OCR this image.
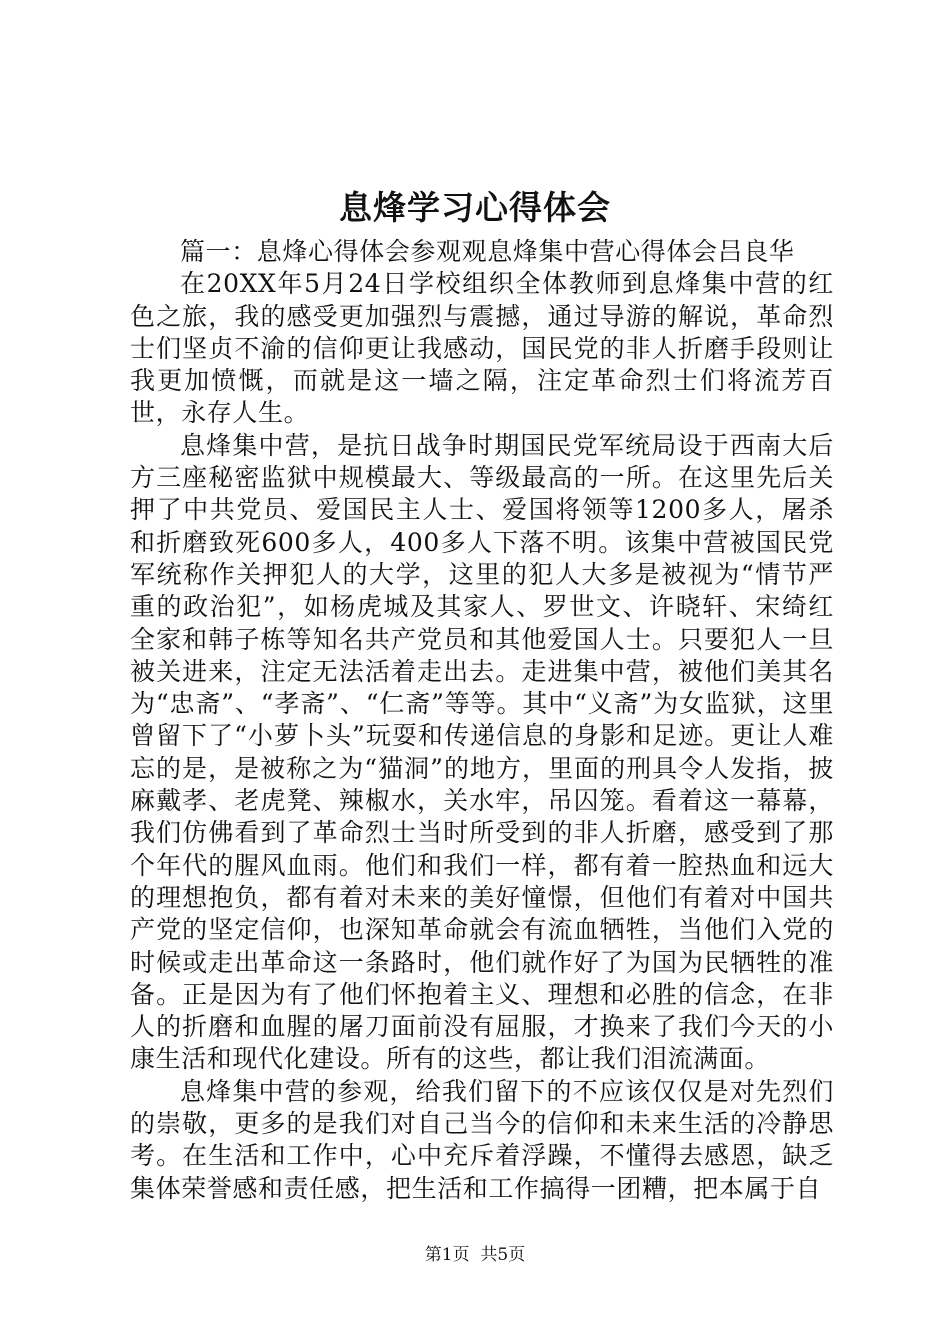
息烽学习心得体会

篇一：息烽心得体会参观观息烽集中营心得体会吕良华

在20XX年5月24日学校组织全体教师到息烽集中营的红色之旅，我的感受更加强烈与震撼，通过导游的解说，革命烈士们坚贞不渝的信仰更让我感动，国民党的非人折磨手段则让我更加愤慨，而就是这一墙之隔，注定革命烈士们将流芳百世，永存人生。

息烽集中营，是抗日战争时期国民党军统局设于西南大后方三座秘密监狱中规模最大、等级最高的一所。在这里先后关押了中共党员、爱国民主人士、爱国将领等1200多人，屠杀和折磨致死600多人，400多人下落不明。该集中营被国民党军统称作关押犯人的大学，这里的犯人大多是被视为“情节严重的政治犯”，如杨虎城及其家人、罗世文、许晓轩、宋绮红全家和韩子栋等知名共产党员和其他爱国人士。只要犯人一旦被关进来，注定无法活着走出去。走进集中营，被他们美其名为“忠斋”、“孝斋”、“仁斋”等等。其中“义斋”为女监狱，这里曾留下了“小萝卜头”玩耍和传递信息的身影和足迹。更让人难忘的是，是被称之为“猫洞”的地方，里面的刑具令人发指，披麻戴孝、老虎凳、辣椒水，关水牢，吊囚笼。看着这一幕幕，我们仿佛看到了革命烈士当时所受到的非人折磨，感受到了那个年代的腥风血雨。他们和我们一样，都有着一腔热血和远大的理想抱负，都有着对未来的美好憧憬，但他们有着对中国共产党的坚定信仰，也深知革命就会有流血牺牲，当他们入党的时候或走出革命这一条路时，他们就作好了为国为民牺牲的准备。正是因为有了他们怀抱着主义、理想和必胜的信念，在非人的折磨和血腥的屠刀面前没有屈服，才换来了我们今天的小康生活和现代化建设。所有的这些，都让我们泪流满面。

息烽集中营的参观，给我们留下的不应该仅仅是对先烈们的崇敬，更多的是我们对自己当今的信仰和未来生活的冷静思考。在生活和工作中，心中充斥着浮躁，不懂得去感恩，缺乏集体荣誉感和责任感，把生活和工作搞得一团糟，把本属于自

第1页  共5页
